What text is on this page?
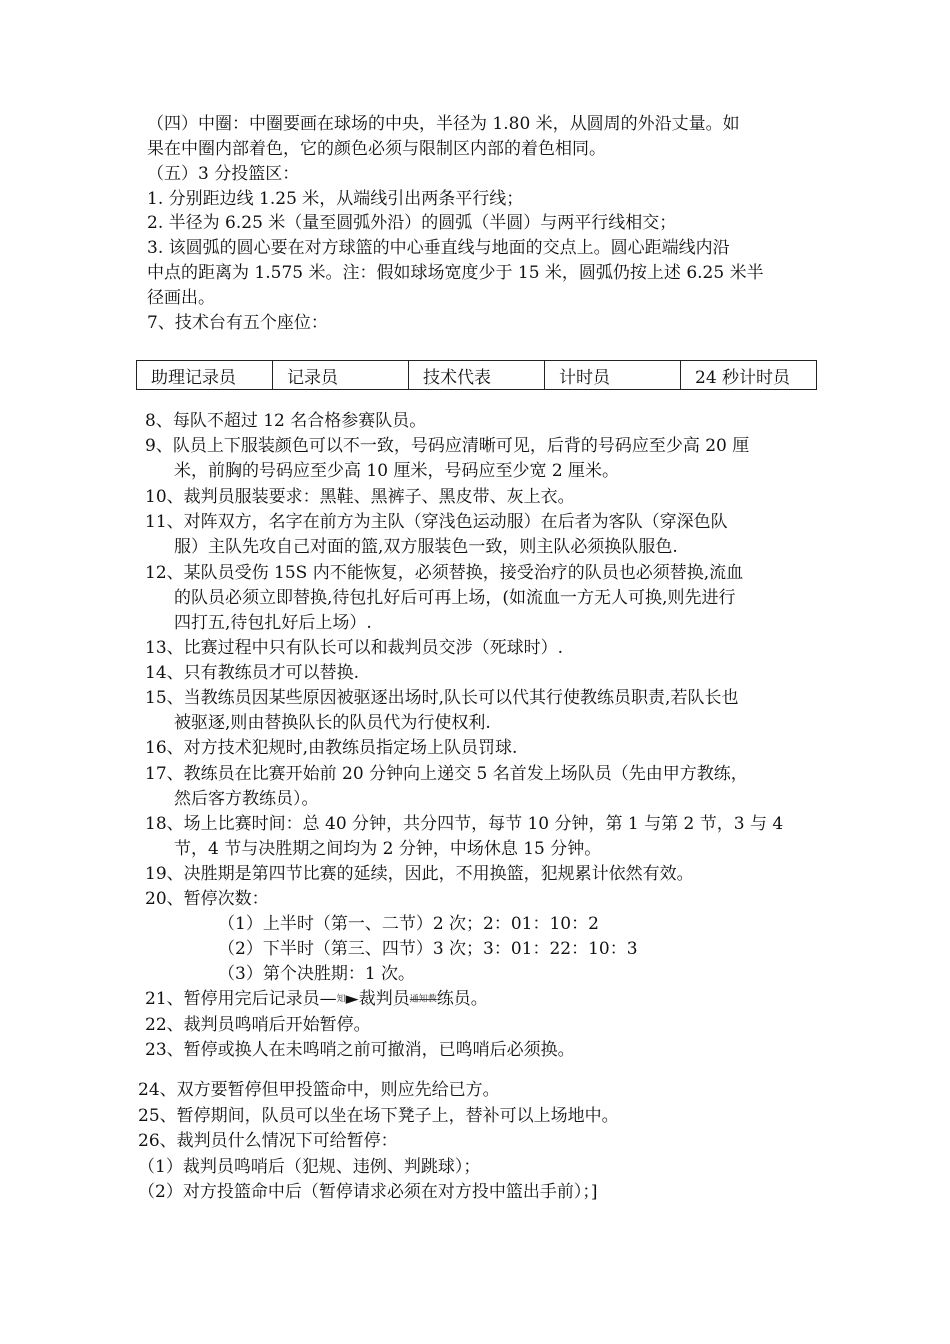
（四）中圈：中圈要画在球场的中央，半径为 1.80 米，从圆周的外沿丈量。如
果在中圈内部着色，它的颜色必须与限制区内部的着色相同。
（五）3 分投篮区：
1. 分别距边线 1.25 米，从端线引出两条平行线；
2. 半径为 6.25 米（量至圆弧外沿）的圆弧（半圆）与两平行线相交；
3. 该圆弧的圆心要在对方球篮的中心垂直线与地面的交点上。圆心距端线内沿
中点的距离为 1.575 米。注：假如球场宽度少于 15 米，圆弧仍按上述 6.25 米半
径画出。
7、技术台有五个座位：
助理记录员	记录员	技术代表	计时员	24 秒计时员
8、每队不超过 12 名合格参赛队员。
9、队员上下服装颜色可以不一致，号码应清晰可见，后背的号码应至少高 20 厘
米，前胸的号码应至少高 10 厘米，号码应至少宽 2 厘米。
10、裁判员服装要求：黑鞋、黑裤子、黑皮带、灰上衣。
11、对阵双方，名字在前方为主队（穿浅色运动服）在后者为客队（穿深色队
服）主队先攻自己对面的篮,双方服装色一致，则主队必须换队服色.
12、某队员受伤 15S 内不能恢复，必须替换，接受治疗的队员也必须替换,流血
的队员必须立即替换,待包扎好后可再上场，(如流血一方无人可换,则先进行
四打五,待包扎好后上场）.
13、比赛过程中只有队长可以和裁判员交涉（死球时）.
14、只有教练员才可以替换.
15、当教练员因某些原因被驱逐出场时,队长可以代其行使教练员职责,若队长也
被驱逐,则由替换队长的队员代为行使权利.
16、对方技术犯规时,由教练员指定场上队员罚球.
17、教练员在比赛开始前 20 分钟向上递交 5 名首发上场队员（先由甲方教练，
然后客方教练员）。
18、场上比赛时间：总 40 分钟，共分四节，每节 10 分钟，第 1 与第 2 节，3 与 4
节，4 节与决胜期之间均为 2 分钟，中场休息 15 分钟。
19、决胜期是第四节比赛的延续，因此，不用换篮，犯规累计依然有效。
20、暂停次数：
（1）上半时（第一、二节）2 次；2：01：10：2
（2）下半时（第三、四节）3 次；3：01：22：10：3
（3）第个决胜期：1 次。
21、暂停用完后记录员—知►裁判员通知教练员。
22、裁判员鸣哨后开始暂停。
23、暂停或换人在未鸣哨之前可撤消，已鸣哨后必须换。
24、双方要暂停但甲投篮命中，则应先给已方。
25、暂停期间，队员可以坐在场下凳子上，替补可以上场地中。
26、裁判员什么情况下可给暂停：
（1）裁判员鸣哨后（犯规、违例、判跳球）；
（2）对方投篮命中后（暂停请求必须在对方投中篮出手前）；]
